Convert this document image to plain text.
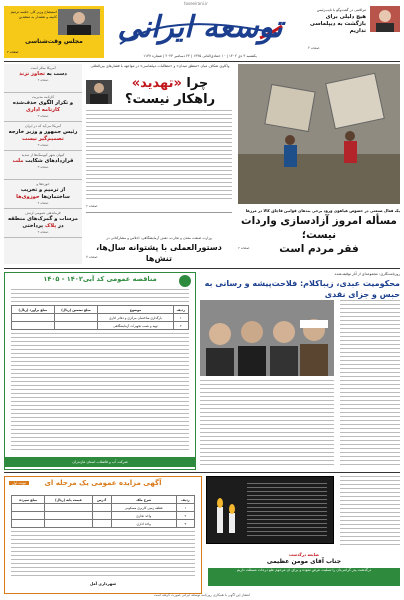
toseeirani.ir
مراقبتی در گفت‌وگو با نایب‌رئیس
هیچ دلیلی برای بازگشت به دیپلماسی نداریم
صفحه ۳
توسعه ایرانی
یکشنبه ۳ دی ۱۴۰۲ | ۱۰ جمادی‌الثانی ۱۴۴۵ | ۲۴ دسامبر ۲۰۲۳ | شماره ۱۱۳۷
استیضاح وزیر کار، جلسه ترمیم کابینه و هشدار به منتقدین
مجلس وقت‌شناسی
صفحه ۲
یک فعال صنعتی در خصوص هیاهوی ورود برخی بندهای قوانین قاچاق کالا در مرزها
مسأله امروز آزادسازی واردات نیست؛
فقر مردم است
صفحه ۲
واکاوی شکاف میان «منطق میدان» و «مطالبات دیپلماسی» در مواجهه با فشارهای بین‌المللی
چرا «تهدید»
راهکار نیست؟
صفحه ۲
وزارت صنعت معدن و تجارت، نقش آزمایشگاهی، اجلاس و مشارکتاتی در
دستورالعملی با پشتوانه سال‌ها، تنش‌ها
صفحه ۷
آمریکا منکر است
دست به تجاوز نزند
صفحه ۲
کارنامه مدیریت
و تکرار الگوی حذف‌شده کارنامه اداری
صفحه ۳
آمریکا می‌آید که در ایران
رئیس جمهور و وزیر خارجه تصمیم‌گیر نیست
صفحه ۳
کیوان شهر کیوسک‌ها از تمدید
قراردادهای شکایت ملت
صفحه ۳
حوزه‌ها و
از ترمیم و تخریب ساختمان‌ها حوزوی‌ها
صفحه ۴
فرماندهی عمومی ارتش
مرسات و گمرک‌های منطقه در پلاک پرداختی
صفحه ۴
روزنامه‌نگاری: مجموعه‌ای از آثار توقیف‌شده
محکومیت عبدی، زیباکلام: فلاحت‌پیشه و رسانی به حبس و جزای نقدی
مناقصه عمومی کد آ‌بی۱۴۰۲ - ۱۴۰۵
ردیف	موضوع	مبلغ تضمین (ریال)	مبلغ برآورد (ریال)
۱	بارگذاری ساختمان مرکزی و دفاتر اداری		
۲	تهیه و نصب تجهیزات آزمایشگاهی		
شرکت آب و فاضلاب استان مازندران
آگهی مزایده عمومی یک مرحله ای
نوبت اول
ردیف	شرح ملک	آدرس	قیمت پایه (ریال)	مبلغ سپرده
۱	قطعه زمین کاربری مسکونی			
۲	واحد تجاری			
۳	واحد اداری			
شهرداری آمل
ضایعه درگذشت
جناب آقای مومن عظیمی
درگذشت پدر گرامی‌تان را تسلیت عرض نموده و برای آن مرحوم علو درجات مسئلت داریم
انتشار این آگهی با همکاری روزنامه توسعه ایرانی صورت گرفته است
